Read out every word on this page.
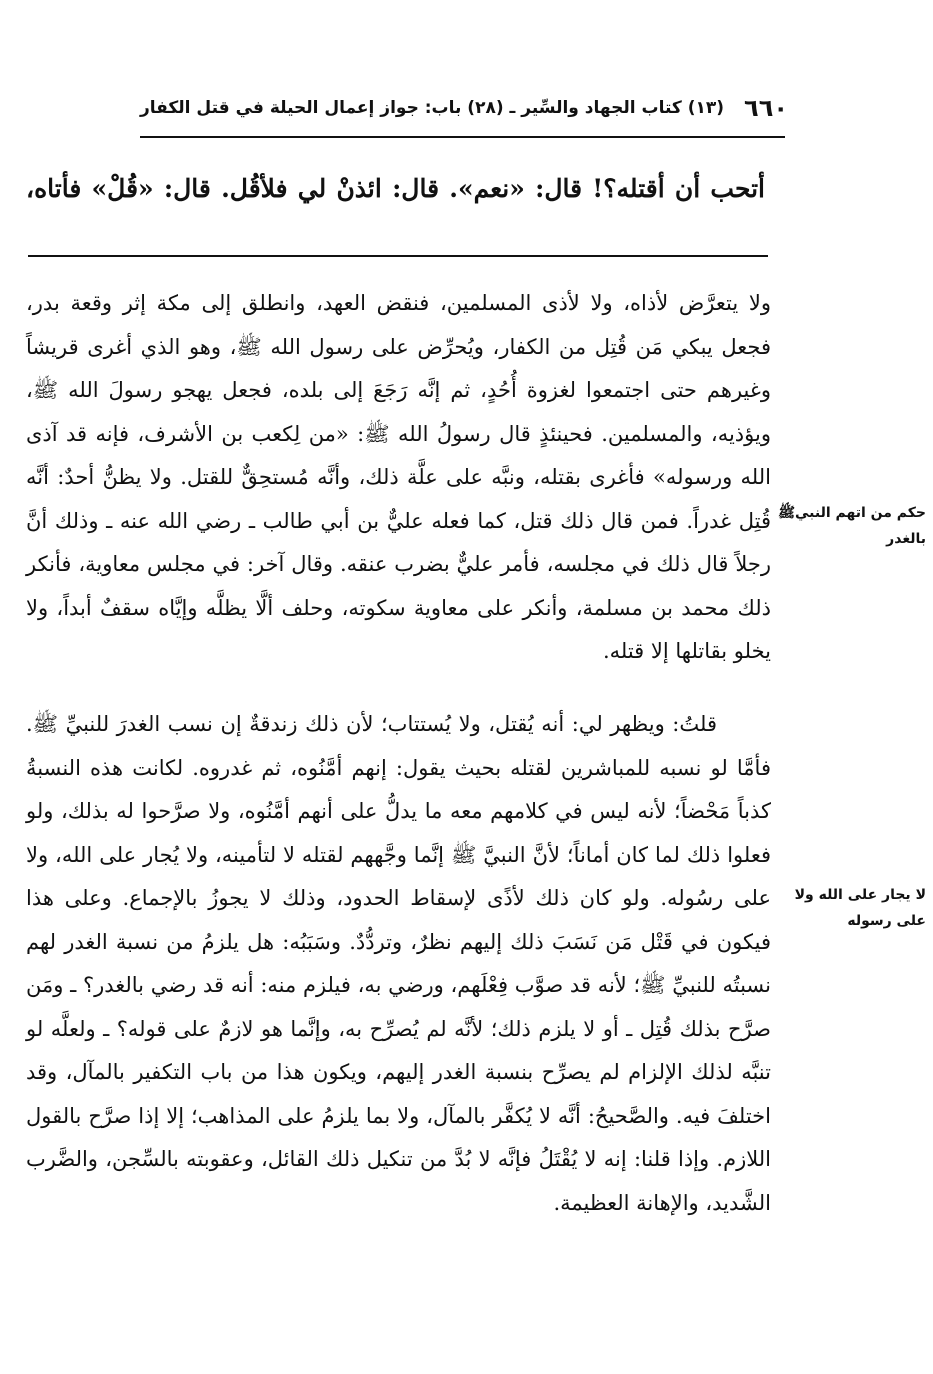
٦٦٠
(١٣) كتاب الجهاد والسِّير ـ (٢٨) باب: جواز إعمال الحيلة في قتل الكفار
أتحب أن أقتله؟! قال: «نعم». قال: ائذنْ لي فلأقُل. قال: «قُلْ» فأتاه،

ولا يتعرَّض لأذاه، ولا لأذى المسلمين، فنقض العهد، وانطلق إلى مكة إثر وقعة بدر، فجعل يبكي مَن قُتِل من الكفار، ويُحرِّض على رسول الله ﷺ، وهو الذي أغرى قريشاً وغيرهم حتى اجتمعوا لغزوة أُحُدٍ، ثم إنَّه رَجَعَ إلى بلده، فجعل يهجو رسولَ الله ﷺ، ويؤذيه، والمسلمين. فحينئذٍ قال رسولُ الله ﷺ: «من لِكعب بن الأشرف، فإنه قد آذى الله ورسوله» فأغرى بقتله، ونبَّه على علَّة ذلك، وأنَّه مُستحِقٌّ للقتل. ولا يظنُّ أحدٌ: أنَّه قُتِل غدراً. فمن قال ذلك قتل، كما فعله عليٌّ بن أبي طالب ـ رضي الله عنه ـ وذلك أنَّ رجلاً قال ذلك في مجلسه، فأمر عليٌّ بضرب عنقه. وقال آخر: في مجلس معاوية، فأنكر ذلك محمد بن مسلمة، وأنكر على معاوية سكوته، وحلف ألَّا يظلَّه وإيَّاه سقفٌ أبداً، ولا يخلو بقاتلها إلا قتله.

قلتُ: ويظهر لي: أنه يُقتل، ولا يُستتاب؛ لأن ذلك زندقةٌ إن نسب الغدرَ للنبيِّ ﷺ. فأمَّا لو نسبه للمباشرين لقتله بحيث يقول: إنهم أمَّنُوه، ثم غدروه. لكانت هذه النسبةُ كذباً مَحْضاً؛ لأنه ليس في كلامهم معه ما يدلُّ على أنهم أمَّنُوه، ولا صرَّحوا له بذلك، ولو فعلوا ذلك لما كان أماناً؛ لأنَّ النبيَّ ﷺ إنَّما وجَّههم لقتله لا لتأمينه، ولا يُجار على الله، ولا على رسُوله. ولو كان ذلك لأذًى لإسقاط الحدود، وذلك لا يجوزُ بالإجماع. وعلى هذا فيكون في قَتْل مَن نَسَبَ ذلك إليهم نظرٌ، وتردُّدٌ. وسَبَبُه: هل يلزمُ من نسبة الغدر لهم نسبتُه للنبيِّ ﷺ؛ لأنه قد صوَّب فِعْلَهم، ورضي به، فيلزم منه: أنه قد رضي بالغدر؟ ـ ومَن صرَّح بذلك قُتِل ـ أو لا يلزم ذلك؛ لأنَّه لم يُصرِّح به، وإنَّما هو لازمٌ على قوله؟ ـ ولعلَّه لو تنبَّه لذلك الإلزام لم يصرِّح بنسبة الغدر إليهم، ويكون هذا من باب التكفير بالمآل، وقد اختلفَ فيه. والصَّحيحُ: أنَّه لا يُكفَّر بالمآل، ولا بما يلزمُ على المذاهب؛ إلا إذا صرَّح بالقول اللازم. وإذا قلنا: إنه لا يُقْتَلُ فإنَّه لا بُدَّ من تنكيل ذلك القائل، وعقوبته بالسِّجن، والضَّرب الشَّديد، والإهانة العظيمة.

حكم من اتهم النبيﷺ بالغدر
لا يجار على الله ولا على رسوله
